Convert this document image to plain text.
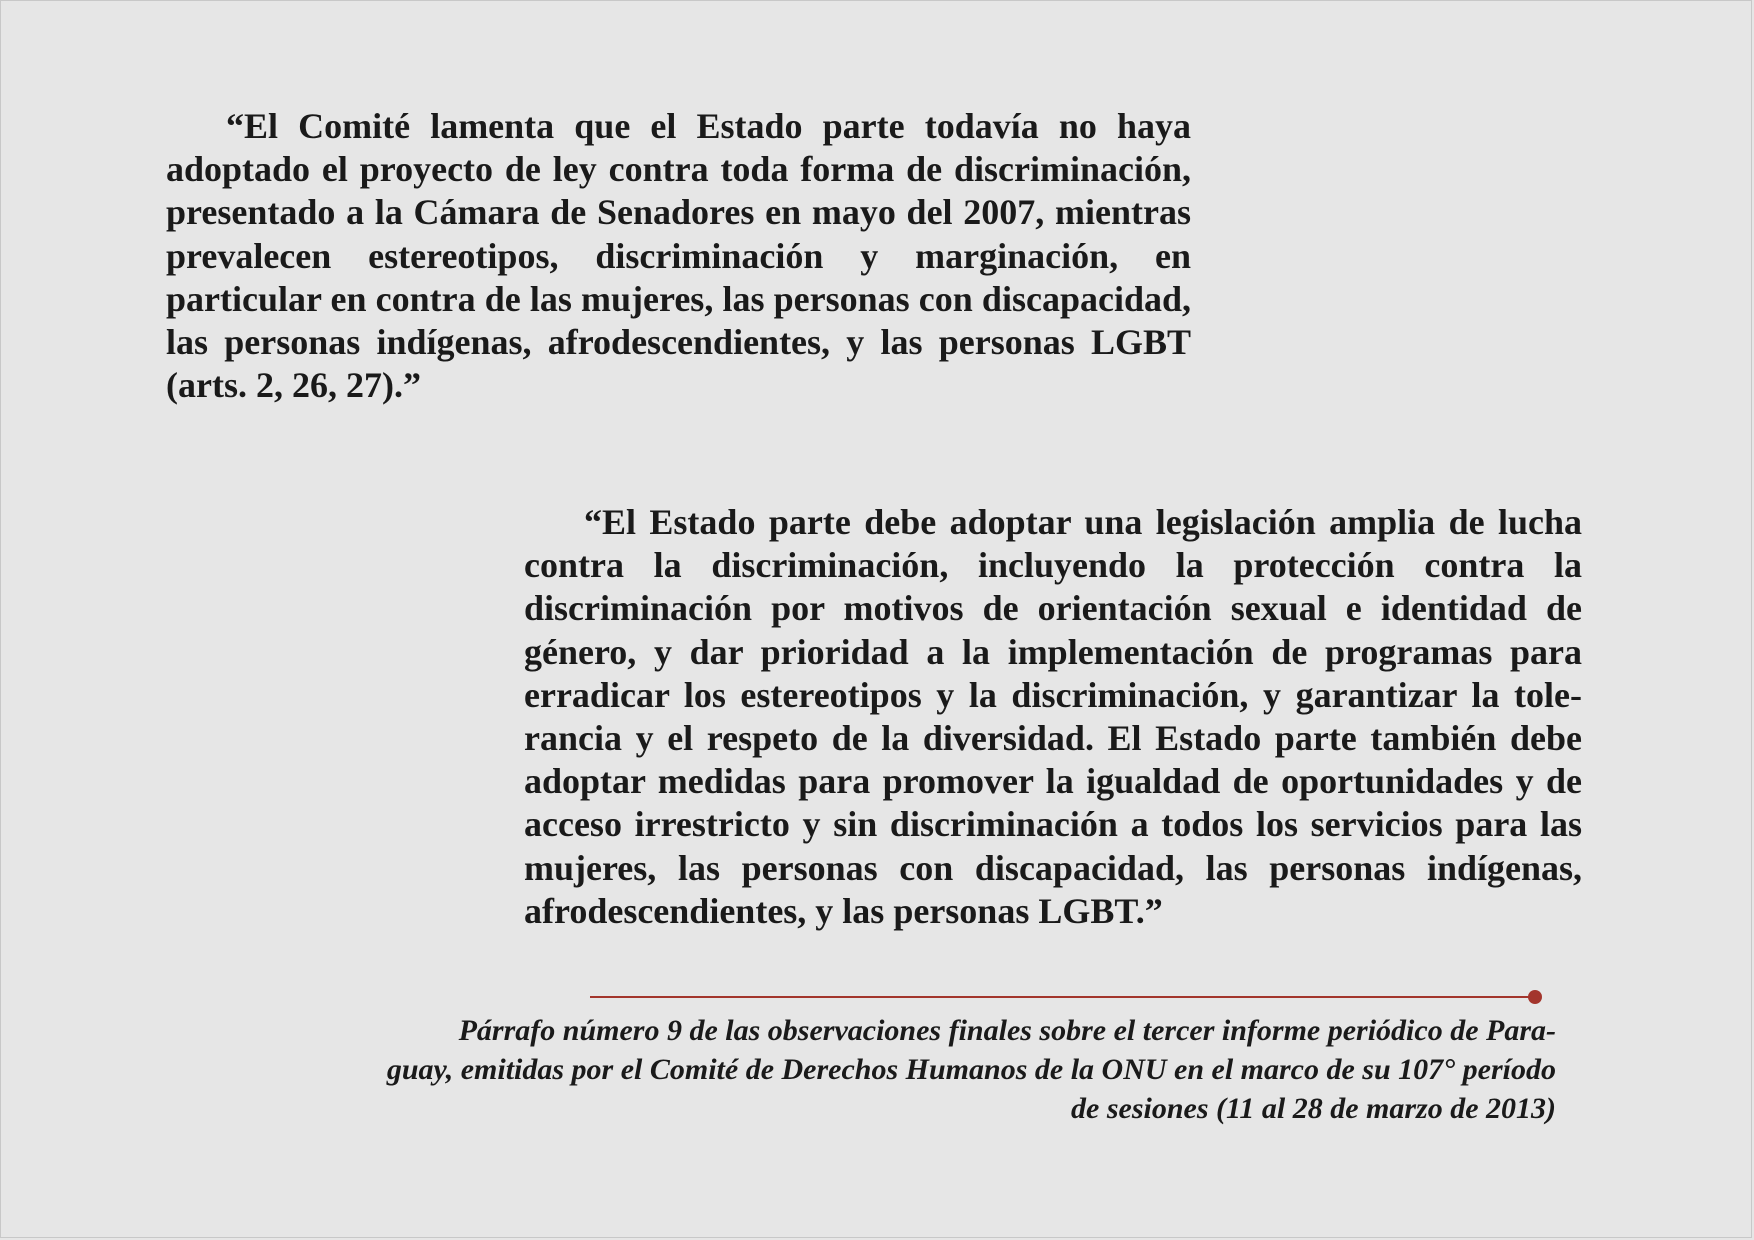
“El Comité lamenta que el Estado parte todavía no haya adoptado el proyecto de ley contra toda forma de discriminación, presentado a la Cámara de Senadores en mayo del 2007, mientras prevalecen estereotipos, discriminación y marginación, en particular en contra de las mujeres, las personas con discapacidad, las personas indígenas, afrodescendientes, y las personas LGBT (arts. 2, 26, 27).”

“El Estado parte debe adoptar una legislación amplia de lucha contra la discriminación, incluyendo la protección contra la discriminación por motivos de orientación sexual e identidad de género, y dar prioridad a la implementación de programas para erradicar los estereotipos y la discriminación, y garantizar la tolerancia y el respeto de la diversidad. El Estado parte también debe adoptar medidas para promover la igualdad de oportunidades y de acceso irrestricto y sin discriminación a todos los servicios para las mujeres, las personas con discapacidad, las personas indígenas, afrodescendientes, y las personas LGBT.”

Párrafo número 9 de las observaciones finales sobre el tercer informe periódico de Para-

guay, emitidas por el Comité de Derechos Humanos de la ONU en el marco de su 107° período

de sesiones (11 al 28 de marzo de 2013)
